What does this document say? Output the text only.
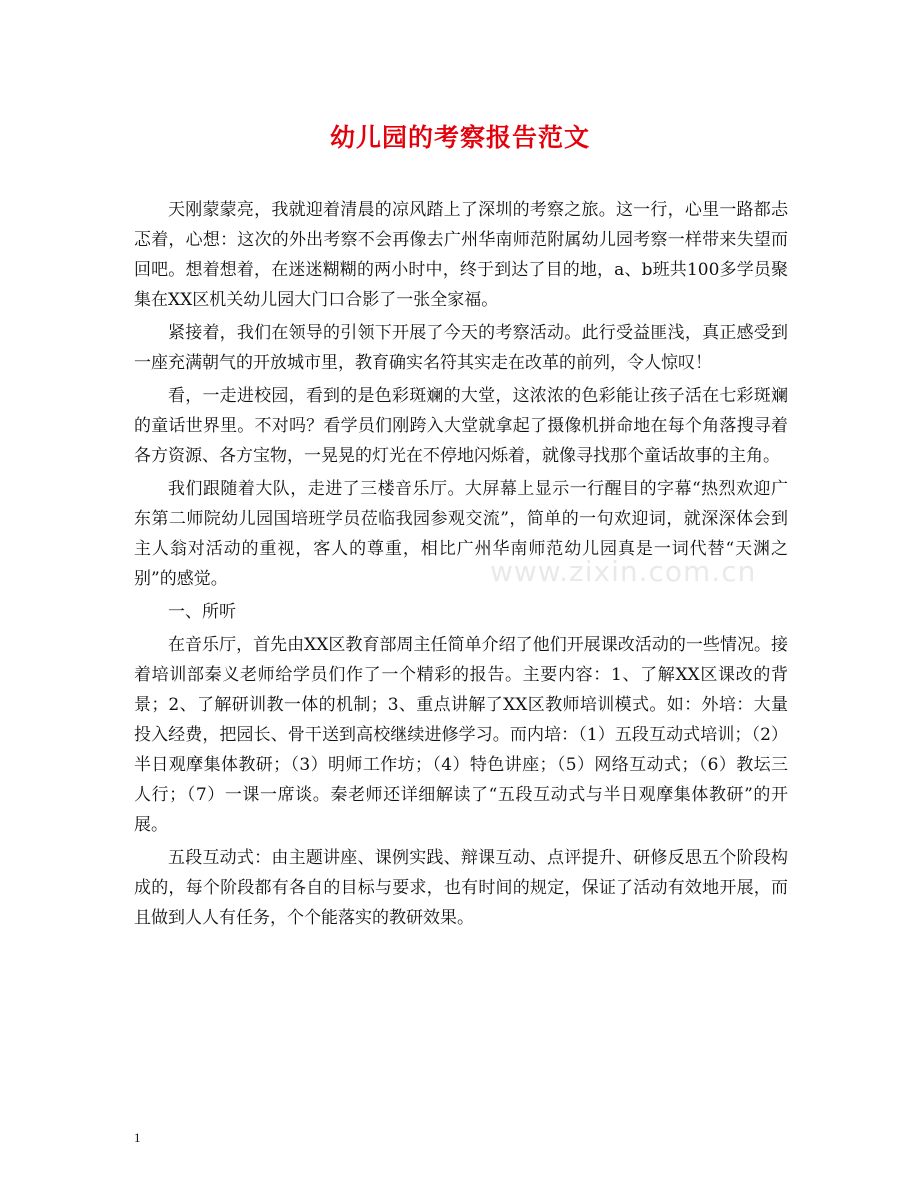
幼儿园的考察报告范文

天刚蒙蒙亮，我就迎着清晨的凉风踏上了深圳的考察之旅。这一行，心里一路都忐忑着，心想：这次的外出考察不会再像去广州华南师范附属幼儿园考察一样带来失望而回吧。想着想着，在迷迷糊糊的两小时中，终于到达了目的地，a、b班共100多学员聚集在XX区机关幼儿园大门口合影了一张全家福。

紧接着，我们在领导的引领下开展了今天的考察活动。此行受益匪浅，真正感受到一座充满朝气的开放城市里，教育确实名符其实走在改革的前列，令人惊叹！

看，一走进校园，看到的是色彩斑斓的大堂，这浓浓的色彩能让孩子活在七彩斑斓的童话世界里。不对吗？看学员们刚跨入大堂就拿起了摄像机拼命地在每个角落搜寻着各方资源、各方宝物，一晃晃的灯光在不停地闪烁着，就像寻找那个童话故事的主角。

我们跟随着大队，走进了三楼音乐厅。大屏幕上显示一行醒目的字幕“热烈欢迎广东第二师院幼儿园国培班学员莅临我园参观交流”，简单的一句欢迎词，就深深体会到主人翁对活动的重视，客人的尊重，相比广州华南师范幼儿园真是一词代替“天渊之别”的感觉。

一、所听

在音乐厅，首先由XX区教育部周主任简单介绍了他们开展课改活动的一些情况。接着培训部秦义老师给学员们作了一个精彩的报告。主要内容：1、了解XX区课改的背景；2、了解研训教一体的机制；3、重点讲解了XX区教师培训模式。如：外培：大量投入经费，把园长、骨干送到高校继续进修学习。而内培：（1）五段互动式培训；（2）半日观摩集体教研；（3）明师工作坊；（4）特色讲座；（5）网络互动式；（6）教坛三人行；（7）一课一席谈。秦老师还详细解读了“五段互动式与半日观摩集体教研”的开展。

五段互动式：由主题讲座、课例实践、辩课互动、点评提升、研修反思五个阶段构成的，每个阶段都有各自的目标与要求，也有时间的规定，保证了活动有效地开展，而且做到人人有任务，个个能落实的教研效果。

www.zixin.com.cn
1
